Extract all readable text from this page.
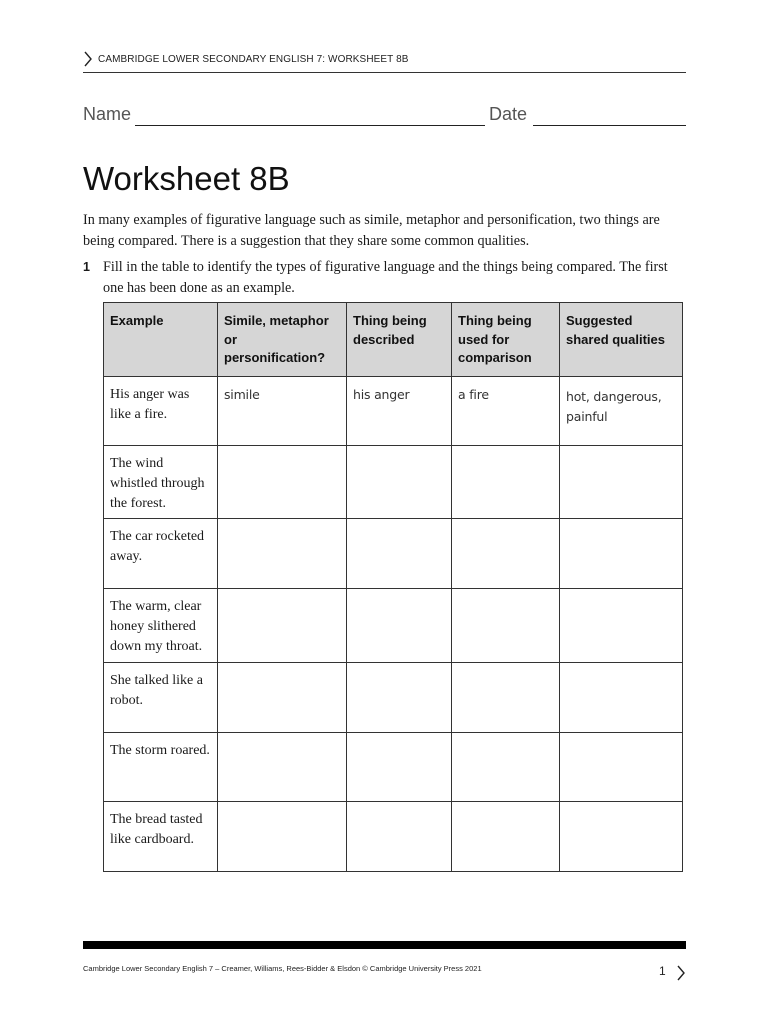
CAMBRIDGE LOWER SECONDARY ENGLISH 7: WORKSHEET 8B
Name	Date
Worksheet 8B

In many examples of figurative language such as simile, metaphor and personification, two things are being compared. There is a suggestion that they share some common qualities.

1 Fill in the table to identify the types of figurative language and the things being compared. The first one has been done as an example.
Example	Simile, metaphor or personification?	Thing being described	Thing being used for comparison	Suggested shared qualities
His anger was like a fire.	simile	his anger	a fire	hot, dangerous, painful
The wind whistled through the forest.				
The car rocketed away.				
The warm, clear honey slithered down my throat.				
She talked like a robot.				
The storm roared.				
The bread tasted like cardboard.				
Cambridge Lower Secondary English 7 – Creamer, Williams, Rees-Bidder & Elsdon © Cambridge University Press 2021	1
